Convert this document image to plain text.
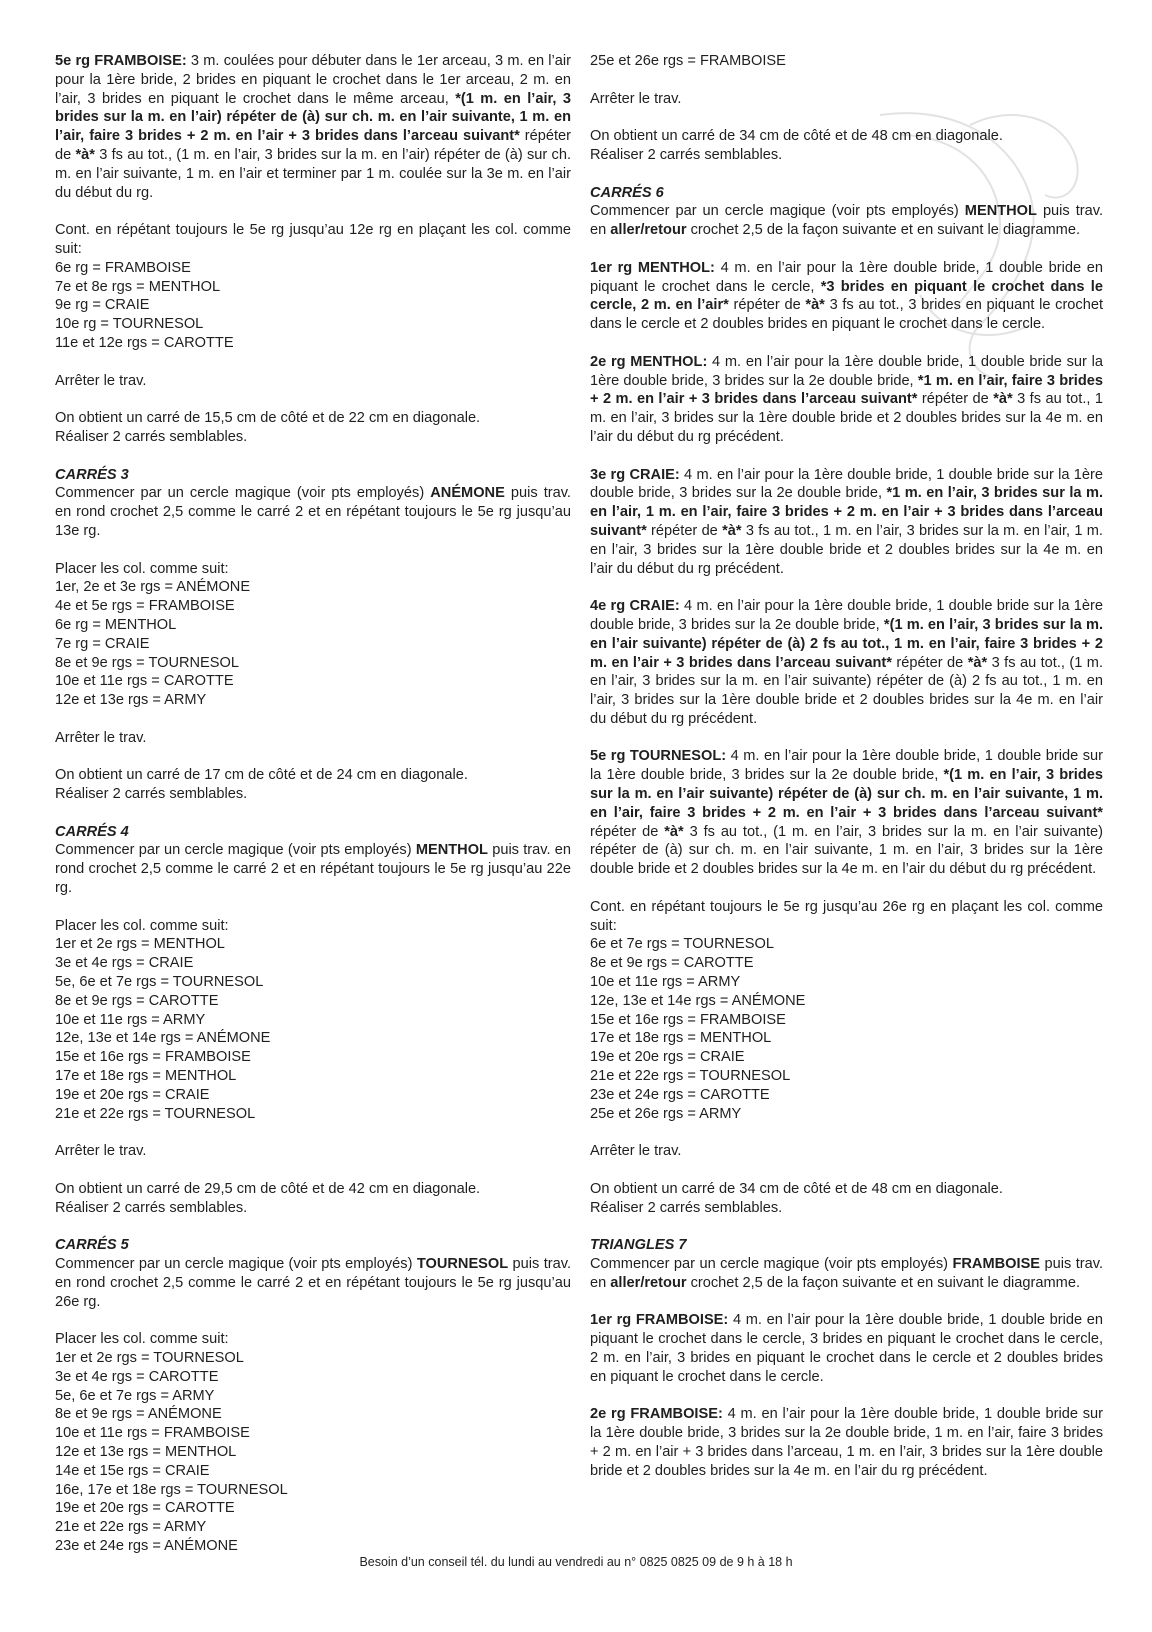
5e rg FRAMBOISE: 3 m. coulées pour débuter dans le 1er arceau, 3 m. en l’air pour la 1ère bride, 2 brides en piquant le crochet dans le 1er arceau, 2 m. en l’air, 3 brides en piquant le crochet dans le même arceau, *(1 m. en l’air, 3 brides sur la m. en l’air) répéter de (à) sur ch. m. en l’air suivante, 1 m. en l’air, faire 3 brides + 2 m. en l’air + 3 brides dans l’arceau suivant* répéter de *à* 3 fs au tot., (1 m. en l’air, 3 brides sur la m. en l’air) répéter de (à) sur ch. m. en l’air suivante, 1 m. en l’air et terminer par 1 m. coulée sur la 3e m. en l’air du début du rg.

Cont. en répétant toujours le 5e rg jusqu’au 12e rg en plaçant les col. comme suit:

6e rg = FRAMBOISE
7e et 8e rgs = MENTHOL
9e rg = CRAIE
10e rg = TOURNESOL
11e et 12e rgs = CAROTTE

Arrêter le trav.

On obtient un carré de 15,5 cm de côté et de 22 cm en diagonale.
Réaliser 2 carrés semblables.
CARRÉS 3

Commencer par un cercle magique (voir pts employés) ANÉMONE puis trav. en rond crochet 2,5 comme le carré 2 et en répétant toujours le 5e rg jusqu’au 13e rg.

Placer les col. comme suit:

1er, 2e et 3e rgs = ANÉMONE
4e et 5e rgs = FRAMBOISE
6e rg = MENTHOL
7e rg = CRAIE
8e et 9e rgs = TOURNESOL
10e et 11e rgs = CAROTTE
12e et 13e rgs = ARMY

Arrêter le trav.

On obtient un carré de 17 cm de côté et de 24 cm en diagonale.
Réaliser 2 carrés semblables.
CARRÉS 4

Commencer par un cercle magique (voir pts employés) MENTHOL puis trav. en rond crochet 2,5 comme le carré 2 et en répétant toujours le 5e rg jusqu’au 22e rg.

Placer les col. comme suit:

1er et 2e rgs = MENTHOL
3e et 4e rgs = CRAIE
5e, 6e et 7e rgs = TOURNESOL
8e et 9e rgs = CAROTTE
10e et 11e rgs = ARMY
12e, 13e et 14e rgs = ANÉMONE
15e et 16e rgs = FRAMBOISE
17e et 18e rgs = MENTHOL
19e et 20e rgs = CRAIE
21e et 22e rgs = TOURNESOL

Arrêter le trav.

On obtient un carré de 29,5 cm de côté et de 42 cm en diagonale.
Réaliser 2 carrés semblables.
CARRÉS 5

Commencer par un cercle magique (voir pts employés) TOURNESOL puis trav. en rond crochet 2,5 comme le carré 2 et en répétant toujours le 5e rg jusqu’au 26e rg.

Placer les col. comme suit:

1er et 2e rgs = TOURNESOL
3e et 4e rgs = CAROTTE
5e, 6e et 7e rgs = ARMY
8e et 9e rgs = ANÉMONE
10e et 11e rgs = FRAMBOISE
12e et 13e rgs = MENTHOL
14e et 15e rgs = CRAIE
16e, 17e et 18e rgs = TOURNESOL
19e et 20e rgs = CAROTTE
21e et 22e rgs = ARMY
23e et 24e rgs = ANÉMONE

25e et 26e rgs = FRAMBOISE

Arrêter le trav.

On obtient un carré de 34 cm de côté et de 48 cm en diagonale.
Réaliser 2 carrés semblables.
CARRÉS 6

Commencer par un cercle magique (voir pts employés) MENTHOL puis trav. en aller/retour crochet 2,5 de la façon suivante et en suivant le diagramme.

1er rg MENTHOL: 4 m. en l’air pour la 1ère double bride, 1 double bride en piquant le crochet dans le cercle, *3 brides en piquant le crochet dans le cercle, 2 m. en l’air* répéter de *à* 3 fs au tot., 3 brides en piquant le crochet dans le cercle et 2 doubles brides en piquant le crochet dans le cercle.

2e rg MENTHOL: 4 m. en l’air pour la 1ère double bride, 1 double bride sur la 1ère double bride, 3 brides sur la 2e double bride, *1 m. en l’air, faire 3 brides + 2 m. en l’air + 3 brides dans l’arceau suivant* répéter de *à* 3 fs au tot., 1 m. en l’air, 3 brides sur la 1ère double bride et 2 doubles brides sur la 4e m. en l’air du début du rg précédent.

3e rg CRAIE: 4 m. en l’air pour la 1ère double bride, 1 double bride sur la 1ère double bride, 3 brides sur la 2e double bride, *1 m. en l’air, 3 brides sur la m. en l’air, 1 m. en l’air, faire 3 brides + 2 m. en l’air + 3 brides dans l’arceau suivant* répéter de *à* 3 fs au tot., 1 m. en l’air, 3 brides sur la m. en l’air, 1 m. en l’air, 3 brides sur la 1ère double bride et 2 doubles brides sur la 4e m. en l’air du début du rg précédent.

4e rg CRAIE: 4 m. en l’air pour la 1ère double bride, 1 double bride sur la 1ère double bride, 3 brides sur la 2e double bride, *(1 m. en l’air, 3 brides sur la m. en l’air suivante) répéter de (à) 2 fs au tot., 1 m. en l’air, faire 3 brides + 2 m. en l’air + 3 brides dans l’arceau suivant* répéter de *à* 3 fs au tot., (1 m. en l’air, 3 brides sur la m. en l’air suivante) répéter de (à) 2 fs au tot., 1 m. en l’air, 3 brides sur la 1ère double bride et 2 doubles brides sur la 4e m. en l’air du début du rg précédent.

5e rg TOURNESOL: 4 m. en l’air pour la 1ère double bride, 1 double bride sur la 1ère double bride, 3 brides sur la 2e double bride, *(1 m. en l’air, 3 brides sur la m. en l’air suivante) répéter de (à) sur ch. m. en l’air suivante, 1 m. en l’air, faire 3 brides + 2 m. en l’air + 3 brides dans l’arceau suivant* répéter de *à* 3 fs au tot., (1 m. en l’air, 3 brides sur la m. en l’air suivante) répéter de (à) sur ch. m. en l’air suivante, 1 m. en l’air, 3 brides sur la 1ère double bride et 2 doubles brides sur la 4e m. en l’air du début du rg précédent.

Cont. en répétant toujours le 5e rg jusqu’au 26e rg en plaçant les col. comme suit:

6e et 7e rgs = TOURNESOL
8e et 9e rgs = CAROTTE
10e et 11e rgs = ARMY
12e, 13e et 14e rgs = ANÉMONE
15e et 16e rgs = FRAMBOISE
17e et 18e rgs = MENTHOL
19e et 20e rgs = CRAIE
21e et 22e rgs = TOURNESOL
23e et 24e rgs = CAROTTE
25e et 26e rgs = ARMY

Arrêter le trav.

On obtient un carré de 34 cm de côté et de 48 cm en diagonale.
Réaliser 2 carrés semblables.
TRIANGLES 7

Commencer par un cercle magique (voir pts employés) FRAMBOISE puis trav. en aller/retour crochet 2,5 de la façon suivante et en suivant le diagramme.

1er rg FRAMBOISE: 4 m. en l’air pour la 1ère double bride, 1 double bride en piquant le crochet dans le cercle, 3 brides en piquant le crochet dans le cercle, 2 m. en l’air, 3 brides en piquant le crochet dans le cercle et 2 doubles brides en piquant le crochet dans le cercle.

2e rg FRAMBOISE: 4 m. en l’air pour la 1ère double bride, 1 double bride sur la 1ère double bride, 3 brides sur la 2e double bride, 1 m. en l’air, faire 3 brides + 2 m. en l’air + 3 brides dans l’arceau, 1 m. en l’air, 3 brides sur la 1ère double bride et 2 doubles brides sur la 4e m. en l’air du rg précédent.

Besoin d’un conseil tél. du lundi au vendredi au n° 0825 0825 09 de 9 h à 18 h
